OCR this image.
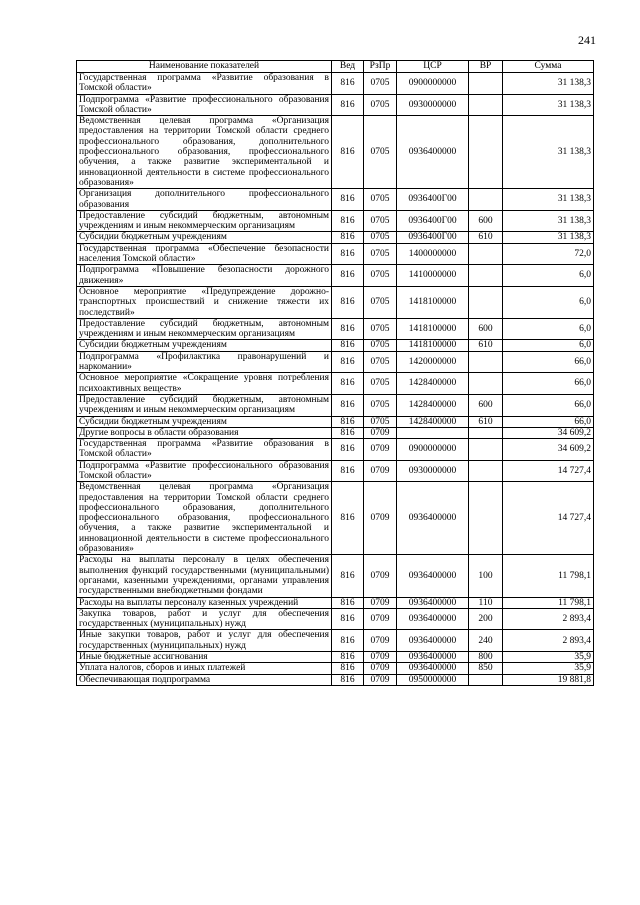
241
Наименование показателей	Вед	РзПр	ЦСР	ВР	Сумма
Государственная программа «Развитие образования в Томской области»	816	0705	0900000000		31 138,3
Подпрограмма «Развитие профессионального образования Томской области»	816	0705	0930000000		31 138,3
Ведомственная целевая программа «Организация предоставления на территории Томской области среднего профессионального образования, дополнительного профессионального образования, профессионального обучения, а также развитие экспериментальной и инновационной деятельности в системе профессионального образования»	816	0705	0936400000		31 138,3
Организация дополнительного профессионального образования	816	0705	0936400Г00		31 138,3
Предоставление субсидий бюджетным, автономным учреждениям и иным некоммерческим организациям	816	0705	0936400Г00	600	31 138,3
Субсидии бюджетным учреждениям	816	0705	0936400Г00	610	31 138,3
Государственная программа «Обеспечение безопасности населения Томской области»	816	0705	1400000000		72,0
Подпрограмма «Повышение безопасности дорожного движения»	816	0705	1410000000		6,0
Основное мероприятие «Предупреждение дорожно-транспортных происшествий и снижение тяжести их последствий»	816	0705	1418100000		6,0
Предоставление субсидий бюджетным, автономным учреждениям и иным некоммерческим организациям	816	0705	1418100000	600	6,0
Субсидии бюджетным учреждениям	816	0705	1418100000	610	6,0
Подпрограмма «Профилактика правонарушений и наркомании»	816	0705	1420000000		66,0
Основное мероприятие «Сокращение уровня потребления психоактивных веществ»	816	0705	1428400000		66,0
Предоставление субсидий бюджетным, автономным учреждениям и иным некоммерческим организациям	816	0705	1428400000	600	66,0
Субсидии бюджетным учреждениям	816	0705	1428400000	610	66,0
Другие вопросы в области образования	816	0709			34 609,2
Государственная программа «Развитие образования в Томской области»	816	0709	0900000000		34 609,2
Подпрограмма «Развитие профессионального образования Томской области»	816	0709	0930000000		14 727,4
Ведомственная целевая программа «Организация предоставления на территории Томской области среднего профессионального образования, дополнительного профессионального образования, профессионального обучения, а также развитие экспериментальной и инновационной деятельности в системе профессионального образования»	816	0709	0936400000		14 727,4
Расходы на выплаты персоналу в целях обеспечения выполнения функций государственными (муниципальными) органами, казенными учреждениями, органами управления государственными внебюджетными фондами	816	0709	0936400000	100	11 798,1
Расходы на выплаты персоналу казенных учреждений	816	0709	0936400000	110	11 798,1
Закупка товаров, работ и услуг для обеспечения государственных (муниципальных) нужд	816	0709	0936400000	200	2 893,4
Иные закупки товаров, работ и услуг для обеспечения государственных (муниципальных) нужд	816	0709	0936400000	240	2 893,4
Иные бюджетные ассигнования	816	0709	0936400000	800	35,9
Уплата налогов, сборов и иных платежей	816	0709	0936400000	850	35,9
Обеспечивающая подпрограмма	816	0709	0950000000		19 881,8
